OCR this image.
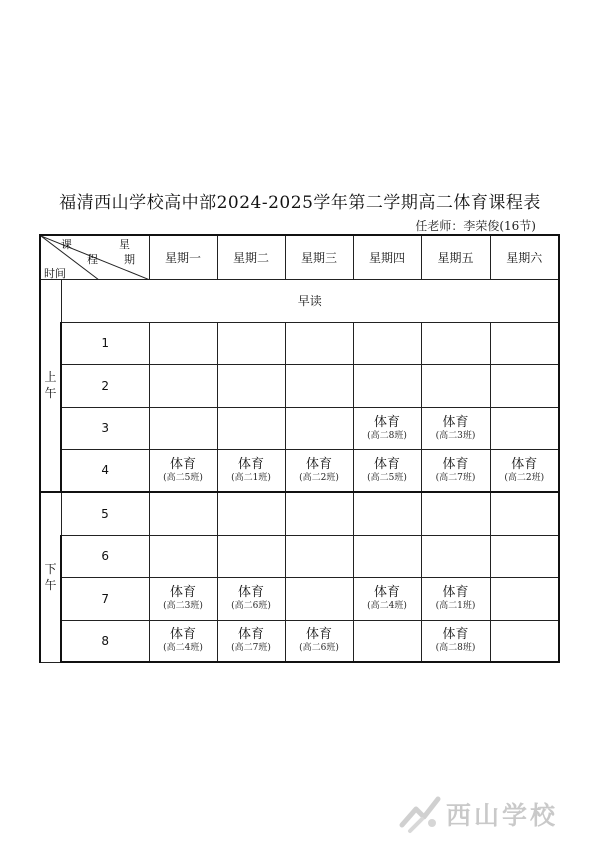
福清西山学校高中部2024-2025学年第二学期高二体育课程表
任老师：李荣俊(16节)
课
程
星
期
时间		星期一	星期二	星期三	星期四	星期五	星期六

上
午	早读						
	1						
	2						
	3				体育
(高二8班)	体育
(高二3班)	

	4	体育
(高二5班)	体育
(高二1班)	体育
(高二2班)	体育
(高二5班)	体育
(高二7班)	体育
(高二2班)

下
午	5						
	6						
	7	体育
(高二3班)	体育
(高二6班)		体育
(高二4班)	体育
(高二1班)	

	8	体育
(高二4班)	体育
(高二7班)	体育
(高二6班)		体育
(高二8班)	

西山学校
